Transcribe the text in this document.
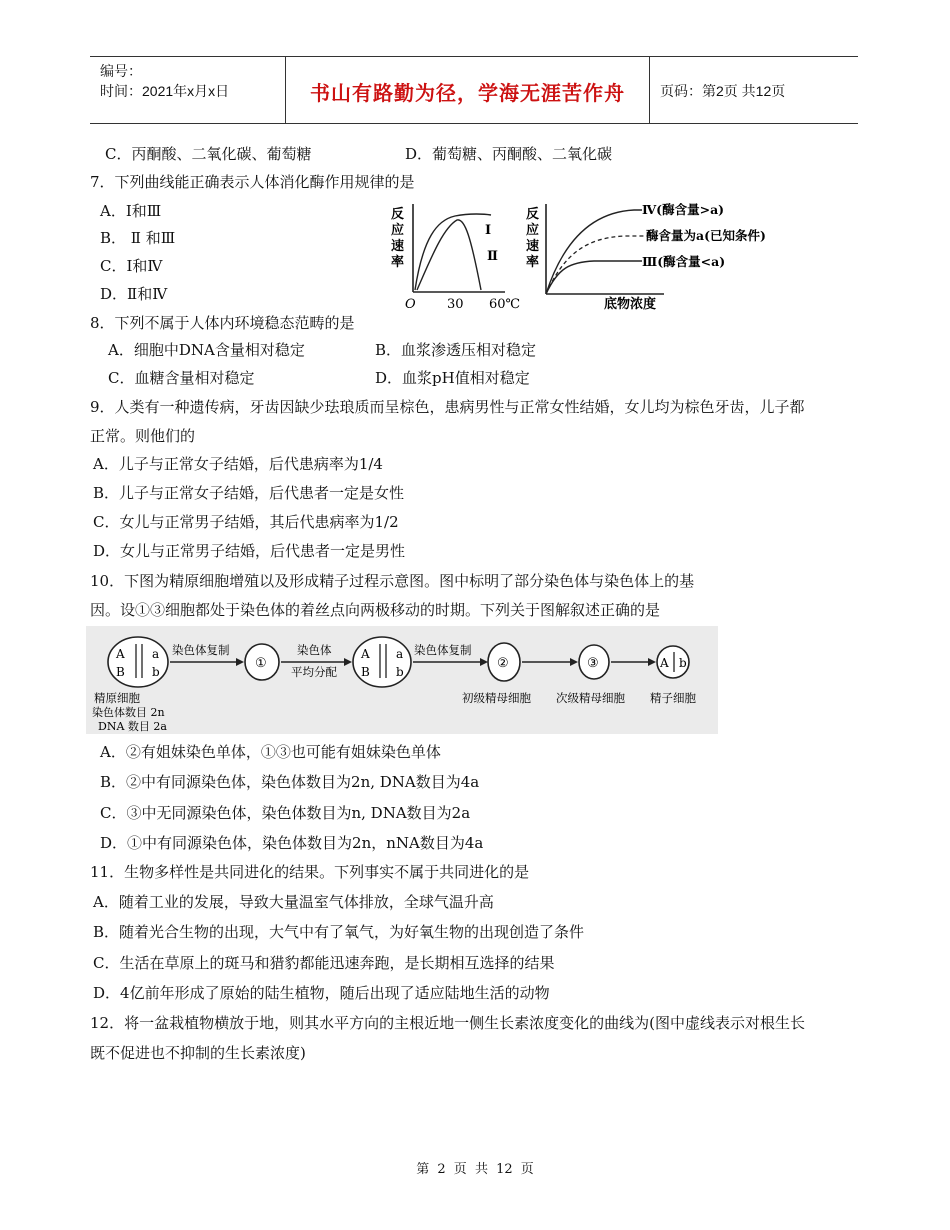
编号：
时间：2021年x月x日	书山有路勤为径，学海无涯苦作舟	页码：第2页 共12页
C．丙酮酸、二氧化碳、葡萄糖	D．葡萄糖、丙酮酸、二氧化碳
7．下列曲线能正确表示人体消化酶作用规律的是
A．Ⅰ和Ⅲ
B． Ⅱ 和Ⅲ
C．Ⅰ和Ⅳ
D．Ⅱ和Ⅳ
反
应
速
率
Ⅰ
Ⅱ
O 30 60℃
反
应
速
率
Ⅳ(酶含量>a)
酶含量为a(已知条件)
Ⅲ(酶含量<a)
底物浓度
8．下列不属于人体内环境稳态范畴的是
A．细胞中DNA含量相对稳定	B．血浆渗透压相对稳定
C．血糖含量相对稳定	D．血浆pH值相对稳定
9．人类有一种遗传病，牙齿因缺少珐琅质而呈棕色，患病男性与正常女性结婚，女儿均为棕色牙齿，儿子都
正常。则他们的
A．儿子与正常女子结婚，后代患病率为1/4
B．儿子与正常女子结婚，后代患者一定是女性
C．女儿与正常男子结婚，其后代患病率为1/2
D．女儿与正常男子结婚，后代患者一定是男性
10．下图为精原细胞增殖以及形成精子过程示意图。图中标明了部分染色体与染色体上的基
因。设①③细胞都处于染色体的着丝点向两极移动的时期。下列关于图解叙述正确的是
A a
B b
精原细胞
染色体数目 2n
DNA 数目 2a
染色体复制
①
染色体
平均分配
A a
B b
染色体复制
②
初级精母细胞
③
次级精母细胞
A b
精子细胞
A．②有姐妹染色单体，①③也可能有姐妹染色单体
B．②中有同源染色体，染色体数目为2n, DNA数目为4a
C．③中无同源染色体，染色体数目为n, DNA数目为2a
D．①中有同源染色体，染色体数目为2n，nNA数目为4a
11．生物多样性是共同进化的结果。下列事实不属于共同进化的是
A．随着工业的发展，导致大量温室气体排放，全球气温升高
B．随着光合生物的出现，大气中有了氧气，为好氧生物的出现创造了条件
C．生活在草原上的斑马和猎豹都能迅速奔跑，是长期相互选择的结果
D．4亿前年形成了原始的陆生植物，随后出现了适应陆地生活的动物
12．将一盆栽植物横放于地，则其水平方向的主根近地一侧生长素浓度变化的曲线为(图中虚线表示对根生长
既不促进也不抑制的生长素浓度)
第 2 页 共 12 页
